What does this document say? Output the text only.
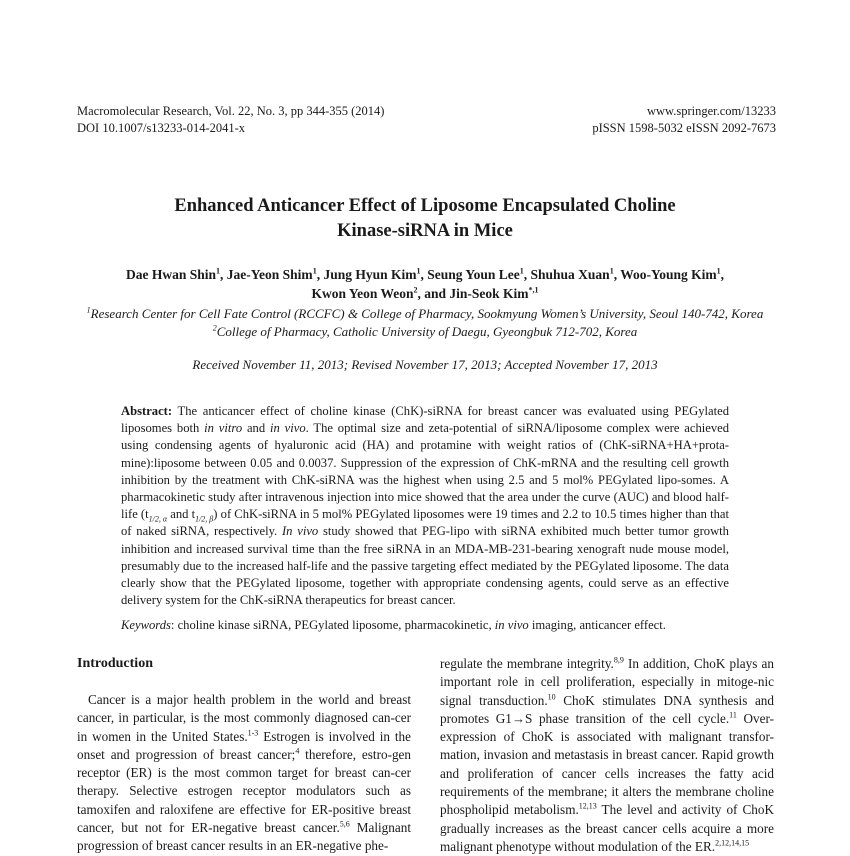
Macromolecular Research, Vol. 22, No. 3, pp 344-355 (2014)
DOI 10.1007/s13233-014-2041-x
www.springer.com/13233
pISSN 1598-5032 eISSN 2092-7673
Enhanced Anticancer Effect of Liposome Encapsulated Choline
Kinase-siRNA in Mice
Dae Hwan Shin$^1$, Jae-Yeon Shim$^1$, Jung Hyun Kim$^1$, Seung Youn Lee$^1$, Shuhua Xuan$^1$, Woo-Young Kim$^1$,
Kwon Yeon Weon$^2$, and Jin-Seok Kim$^{*,1}$
$^1$Research Center for Cell Fate Control (RCCFC) & College of Pharmacy, Sookmyung Women’s University, Seoul 140-742, Korea
$^2$College of Pharmacy, Catholic University of Daegu, Gyeongbuk 712-702, Korea
Received November 11, 2013; Revised November 17, 2013; Accepted November 17, 2013
Abstract: The anticancer effect of choline kinase (ChK)-siRNA for breast cancer was evaluated using PEGylated liposomes both in vitro and in vivo. The optimal size and zeta-potential of siRNA/liposome complex were achieved using condensing agents of hyaluronic acid (HA) and protamine with weight ratios of (ChK-siRNA+HA+prota-mine):liposome between 0.05 and 0.0037. Suppression of the expression of ChK-mRNA and the resulting cell growth inhibition by the treatment with ChK-siRNA was the highest when using 2.5 and 5 mol% PEGylated lipo-somes. A pharmacokinetic study after intravenous injection into mice showed that the area under the curve (AUC) and blood half-life ($t_{1/2, \alpha}$ and $t_{1/2, \beta}$) of ChK-siRNA in 5 mol% PEGylated liposomes were 19 times and 2.2 to 10.5 times higher than that of naked siRNA, respectively. In vivo study showed that PEG-lipo with siRNA exhibited much better tumor growth inhibition and increased survival time than the free siRNA in an MDA-MB-231-bearing xenograft nude mouse model, presumably due to the increased half-life and the passive targeting effect mediated by the PEGylated liposome. The data clearly show that the PEGylated liposome, together with appropriate condensing agents, could serve as an effective delivery system for the ChK-siRNA therapeutics for breast cancer.
Keywords: choline kinase siRNA, PEGylated liposome, pharmacokinetic, in vivo imaging, anticancer effect.
Introduction

Cancer is a major health problem in the world and breast cancer, in particular, is the most commonly diagnosed can-cer in women in the United States.$^{1-3}$ Estrogen is involved in the onset and progression of breast cancer;$^4$ therefore, estro-gen receptor (ER) is the most common target for breast can-cer therapy. Selective estrogen receptor modulators such as tamoxifen and raloxifene are effective for ER-positive breast cancer, but not for ER-negative breast cancer.$^{5,6}$ Malignant progression of breast cancer results in an ER-negative phe-

regulate the membrane integrity.$^{8,9}$ In addition, ChoK plays an important role in cell proliferation, especially in mitoge-nic signal transduction.$^{10}$ ChoK stimulates DNA synthesis and promotes G1→S phase transition of the cell cycle.$^{11}$ Over-expression of ChoK is associated with malignant transfor-mation, invasion and metastasis in breast cancer. Rapid growth and proliferation of cancer cells increases the fatty acid requirements of the membrane; it alters the membrane choline phospholipid metabolism.$^{12,13}$ The level and activity of ChoK gradually increases as the breast cancer cells acquire a more malignant phenotype without modulation of the ER.$^{2,12,14,15}$
